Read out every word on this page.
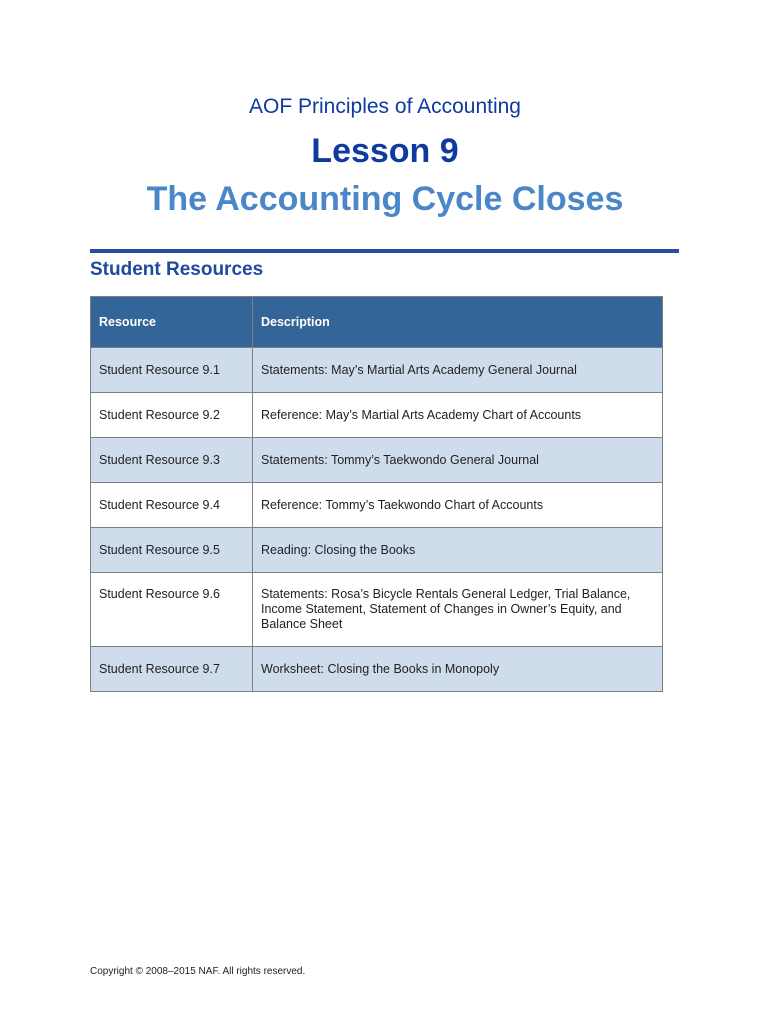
AOF Principles of Accounting
Lesson 9
The Accounting Cycle Closes
Student Resources
Resource	Description
Student Resource 9.1	Statements: May’s Martial Arts Academy General Journal
Student Resource 9.2	Reference: May’s Martial Arts Academy Chart of Accounts
Student Resource 9.3	Statements: Tommy’s Taekwondo General Journal
Student Resource 9.4	Reference: Tommy’s Taekwondo Chart of Accounts
Student Resource 9.5	Reading: Closing the Books
Student Resource 9.6	Statements: Rosa’s Bicycle Rentals General Ledger, Trial Balance, Income Statement, Statement of Changes in Owner’s Equity, and Balance Sheet
Student Resource 9.7	Worksheet: Closing the Books in Monopoly
Copyright © 2008–2015 NAF. All rights reserved.
